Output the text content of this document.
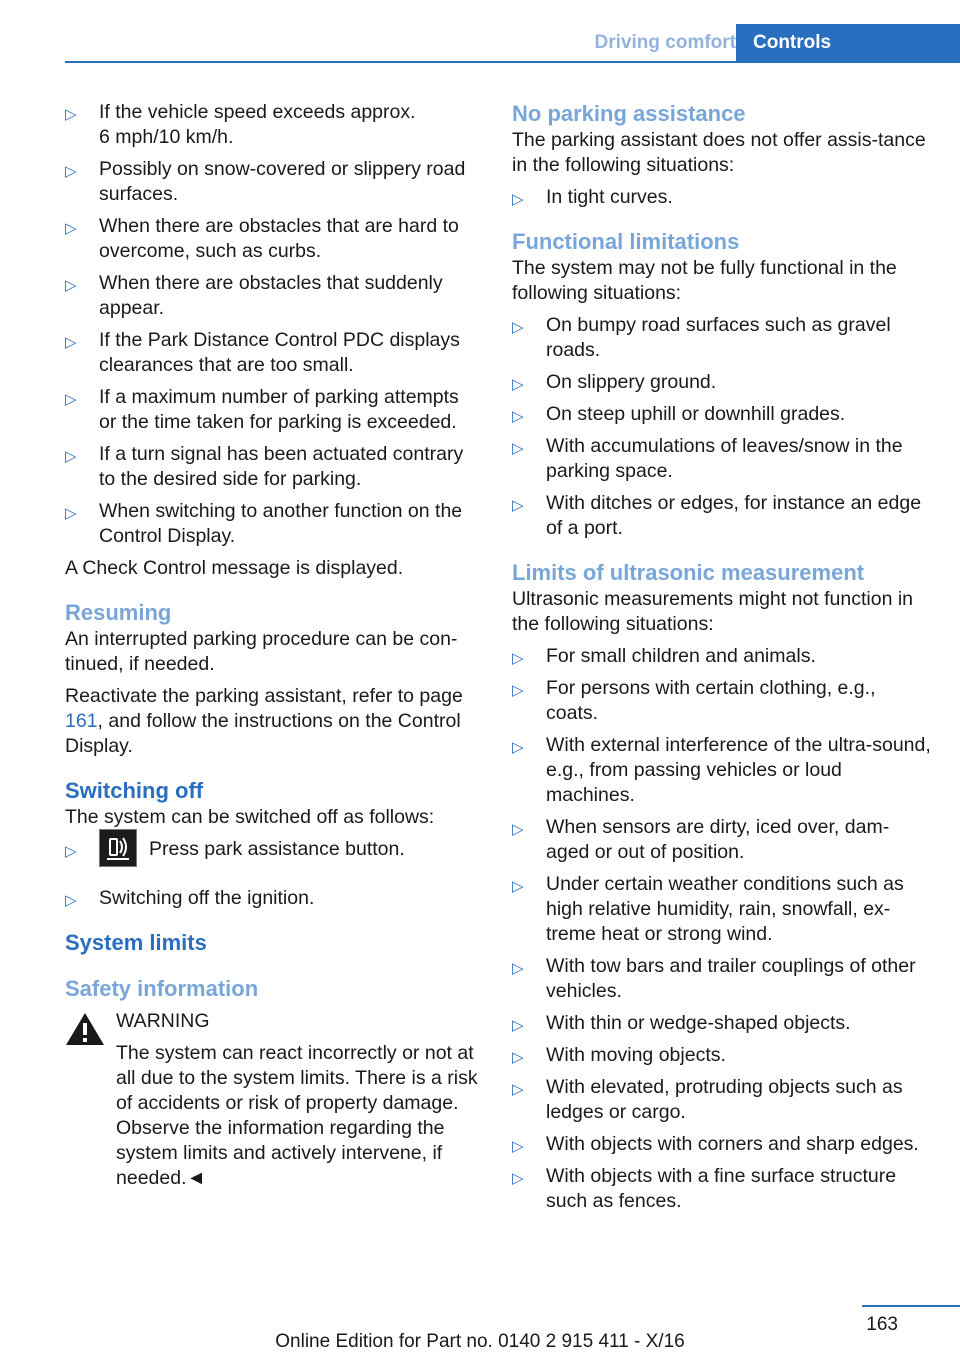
Driving comfort Controls
▷ If the vehicle speed exceeds approx.
6 mph/10 km/h.
▷ Possibly on snow-covered or slippery road surfaces.
▷ When there are obstacles that are hard to overcome, such as curbs.
▷ When there are obstacles that suddenly appear.
▷ If the Park Distance Control PDC displays clearances that are too small.
▷ If a maximum number of parking attempts or the time taken for parking is exceeded.
▷ If a turn signal has been actuated contrary to the desired side for parking.
▷ When switching to another function on the Control Display.

A Check Control message is displayed.

Resuming

An interrupted parking procedure can be con‐tinued, if needed.

Reactivate the parking assistant, refer to page 161, and follow the instructions on the Control Display.

Switching off

The system can be switched off as follows:

▷	Press park assistance button.
▷ Switching off the ignition.
System limits
Safety information

WARNING

The system can react incorrectly or not at all due to the system limits. There is a risk of accidents or risk of property damage. Observe the information regarding the system limits and actively intervene, if needed.◄

No parking assistance

The parking assistant does not offer assis‐tance in the following situations:

▷ In tight curves.
Functional limitations

The system may not be fully functional in the following situations:

▷ On bumpy road surfaces such as gravel roads.
▷ On slippery ground.
▷ On steep uphill or downhill grades.
▷ With accumulations of leaves/snow in the parking space.
▷ With ditches or edges, for instance an edge of a port.
Limits of ultrasonic measurement

Ultrasonic measurements might not function in the following situations:

▷ For small children and animals.
▷ For persons with certain clothing, e.g., coats.
▷ With external interference of the ultra‐sound, e.g., from passing vehicles or loud machines.
▷ When sensors are dirty, iced over, dam‐aged or out of position.
▷ Under certain weather conditions such as high relative humidity, rain, snowfall, ex‐treme heat or strong wind.
▷ With tow bars and trailer couplings of other vehicles.
▷ With thin or wedge-shaped objects.
▷ With moving objects.
▷ With elevated, protruding objects such as ledges or cargo.
▷ With objects with corners and sharp edges.
▷ With objects with a fine surface structure such as fences.
163
Online Edition for Part no. 0140 2 915 411 - X/16
